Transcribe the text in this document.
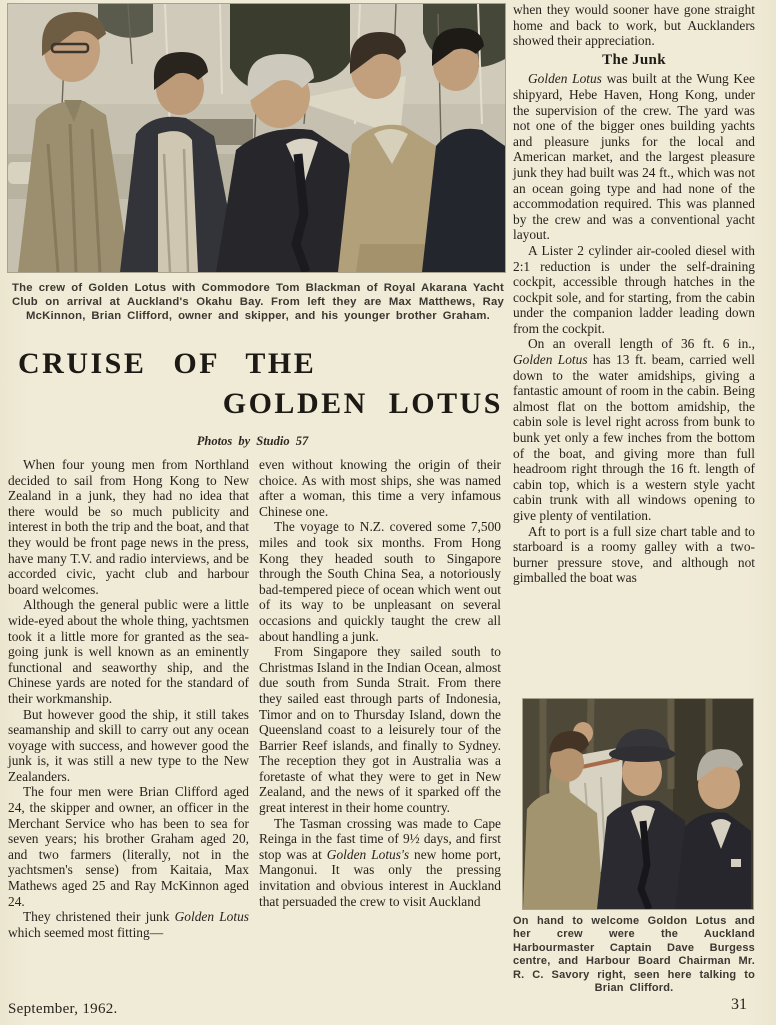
The crew of Golden Lotus with Commodore Tom Blackman of Royal Akarana Yacht Club on arrival at Auckland's Okahu Bay. From left they are Max Matthews, Ray McKinnon, Brian Clifford, owner and skipper, and his younger brother Graham.
CRUISE OF THE
GOLDEN LOTUS
Photos by Studio 57

When four young men from Northland decided to sail from Hong Kong to New Zealand in a junk, they had no idea that there would be so much publicity and interest in both the trip and the boat, and that they would be front page news in the press, have many T.V. and radio interviews, and be accorded civic, yacht club and harbour board welcomes.

Although the general public were a little wide-eyed about the whole thing, yachtsmen took it a little more for granted as the sea-going junk is well known as an eminently functional and seaworthy ship, and the Chinese yards are noted for the standard of their workmanship.

But however good the ship, it still takes seamanship and skill to carry out any ocean voyage with success, and however good the junk is, it was still a new type to the New Zealanders.

The four men were Brian Clifford aged 24, the skipper and owner, an officer in the Merchant Service who has been to sea for seven years; his brother Graham aged 20, and two farmers (literally, not in the yachtsmen's sense) from Kaitaia, Max Mathews aged 25 and Ray McKinnon aged 24.

They christened their junk Golden Lotus which seemed most fitting—

even without knowing the origin of their choice. As with most ships, she was named after a woman, this time a very infamous Chinese one.

The voyage to N.Z. covered some 7,500 miles and took six months. From Hong Kong they headed south to Singapore through the South China Sea, a notoriously bad-tempered piece of ocean which went out of its way to be unpleasant on several occasions and quickly taught the crew all about handling a junk.

From Singapore they sailed south to Christmas Island in the Indian Ocean, almost due south from Sunda Strait. From there they sailed east through parts of Indonesia, Timor and on to Thursday Island, down the Queensland coast to a leisurely tour of the Barrier Reef islands, and finally to Sydney. The reception they got in Australia was a foretaste of what they were to get in New Zealand, and the news of it sparked off the great interest in their home country.

The Tasman crossing was made to Cape Reinga in the fast time of 9½ days, and first stop was at Golden Lotus's new home port, Mangonui. It was only the pressing invitation and obvious interest in Auckland that persuaded the crew to visit Auckland

when they would sooner have gone straight home and back to work, but Aucklanders showed their appreciation.

The Junk

Golden Lotus was built at the Wung Kee shipyard, Hebe Haven, Hong Kong, under the supervision of the crew. The yard was not one of the bigger ones building yachts and pleasure junks for the local and American market, and the largest pleasure junk they had built was 24 ft., which was not an ocean going type and had none of the accommodation required. This was planned by the crew and was a conventional yacht layout.

A Lister 2 cylinder air-cooled diesel with 2:1 reduction is under the self-draining cockpit, accessible through hatches in the cockpit sole, and for starting, from the cabin under the companion ladder leading down from the cockpit.

On an overall length of 36 ft. 6 in., Golden Lotus has 13 ft. beam, carried well down to the water amidships, giving a fantastic amount of room in the cabin. Being almost flat on the bottom amidship, the cabin sole is level right across from bunk to bunk yet only a few inches from the bottom of the boat, and giving more than full headroom right through the 16 ft. length of cabin top, which is a western style yacht cabin trunk with all windows opening to give plenty of ventilation.

Aft to port is a full size chart table and to starboard is a roomy galley with a two-burner pressure stove, and although not gimballed the boat was

On hand to welcome Goldon Lotus and her crew were the Auckland Harbourmaster Captain Dave Burgess centre, and Harbour Board Chairman Mr. R. C. Savory right, seen here talking to Brian Clifford.
September, 1962.	31
